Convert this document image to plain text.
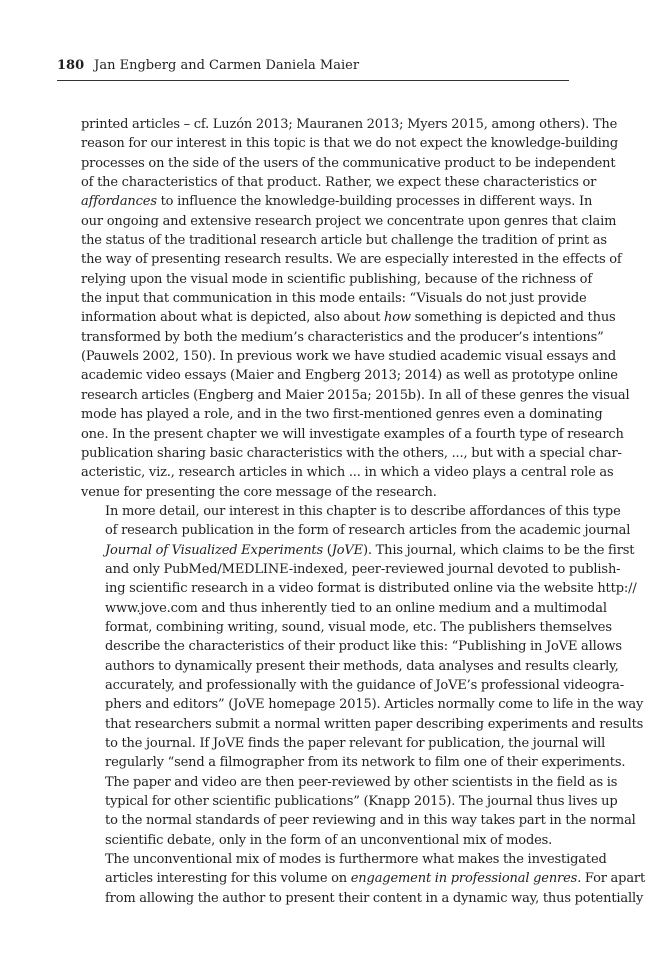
180 Jan Engberg and Carmen Daniela Maier

printed articles – cf. Luzón 2013; Mauranen 2013; Myers 2015, among others). The
reason for our interest in this topic is that we do not expect the knowledge-building
processes on the side of the users of the communicative product to be independent
of the characteristics of that product. Rather, we expect these characteristics or
affordances to influence the knowledge-building processes in different ways. In
our ongoing and extensive research project we concentrate upon genres that claim
the status of the traditional research article but challenge the tradition of print as
the way of presenting research results. We are especially interested in the effects of
relying upon the visual mode in scientific publishing, because of the richness of
the input that communication in this mode entails: “Visuals do not just provide
information about what is depicted, also about how something is depicted and thus
transformed by both the medium’s characteristics and the producer’s intentions”
(Pauwels 2002, 150). In previous work we have studied academic visual essays and
academic video essays (Maier and Engberg 2013; 2014) as well as prototype online
research articles (Engberg and Maier 2015a; 2015b). In all of these genres the visual
mode has played a role, and in the two first-mentioned genres even a dominating
one. In the present chapter we will investigate examples of a fourth type of research
publication sharing basic characteristics with the others, ..., but with a special char-
acteristic, viz., research articles in which ... in which a video plays a central role as
venue for presenting the core message of the research.

In more detail, our interest in this chapter is to describe affordances of this type
of research publication in the form of research articles from the academic journal
Journal of Visualized Experiments (JoVE). This journal, which claims to be the first
and only PubMed/MEDLINE-indexed, peer-reviewed journal devoted to publish-
ing scientific research in a video format is distributed online via the website http://
www.jove.com and thus inherently tied to an online medium and a multimodal
format, combining writing, sound, visual mode, etc. The publishers themselves
describe the characteristics of their product like this: “Publishing in JoVE allows
authors to dynamically present their methods, data analyses and results clearly,
accurately, and professionally with the guidance of JoVE’s professional videogra-
phers and editors” (JoVE homepage 2015). Articles normally come to life in the way
that researchers submit a normal written paper describing experiments and results
to the journal. If JoVE finds the paper relevant for publication, the journal will
regularly “send a filmographer from its network to film one of their experiments.
The paper and video are then peer-reviewed by other scientists in the field as is
typical for other scientific publications” (Knapp 2015). The journal thus lives up
to the normal standards of peer reviewing and in this way takes part in the normal
scientific debate, only in the form of an unconventional mix of modes.

The unconventional mix of modes is furthermore what makes the investigated
articles interesting for this volume on engagement in professional genres. For apart
from allowing the author to present their content in a dynamic way, thus potentially
